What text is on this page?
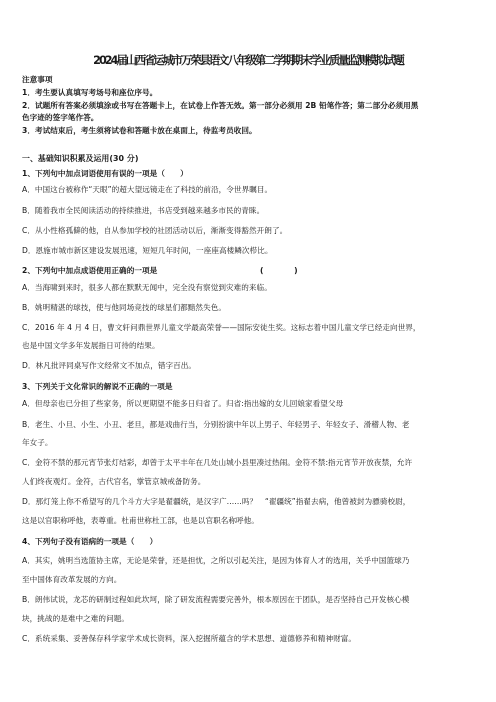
2024届山西省运城市万荣县语文八年级第二学期期末学业质量监测模拟试题
注意事项
1．考生要认真填写考场号和座位序号。
2．试题所有答案必须填涂或书写在答题卡上，在试卷上作答无效。第一部分必须用 2B 铅笔作答；第二部分必须用黑
色字迹的签字笔作答。
3．考试结束后，考生须将试卷和答题卡放在桌面上，待监考员收回。
一、基础知识积累及运用(30 分)
1、下列句中加点词语使用有误的一项是（　　）
A．中国这台被称作“天眼”的超大望远镜走在了科技的前沿，令世界瞩目。
B．随着我市全民阅读活动的持续推进，书店受到越来越多市民的青睐。
C．从小性格孤僻的他，自从参加学校的社团活动以后，渐渐变得豁然开朗了。
D．恩施市城市新区建设发展迅速，短短几年时间，一座座高楼鳞次栉比。
2、下列句中加点成语使用正确的一项是	(　　　　)
A．当海啸到来时，很多人都在默默无闻中，完全没有察觉到灾难的来临。
B．姚明精湛的球技，使与他同场竞技的球星们都黯然失色。
C．2016 年 4 月 4 日，曹文轩问鼎世界儿童文学最高荣誉——国际安徒生奖。这标志着中国儿童文学已经走向世界，
也是中国文学多年发展指日可待的结果。
D．林凡批评同桌写作文经常文不加点，错字百出。
3、下列关于文化常识的解说不正确的一项是
A．但母亲也已分担了些家务，所以更期望不能多日归省了。归省:指出嫁的女儿回娘家看望父母
B．老生、小旦、小生、小丑、老旦，都是戏曲行当，分别扮演中年以上男子、年轻男子、年轻女子、滑稽人物、老
年女子。
C．金符不禁的那元宵节张灯结彩，却曾于太平丰年在几处山城小县里凑过热闹。金符不禁:指元宵节开放夜禁，允许
人们终夜观灯。金符，古代官名，掌管京城戒备防务。
D．那灯笼上你不希望写的几个斗方大字是翟疆统，是汉字广……吗？　“翟疆统”指翟去病，他曾被封为骠骑校尉，
这是以官职称呼他，表尊重。杜甫世称杜工部，也是以官职名称呼他。
4、下列句子没有语病的一项是（　　）
A．其实，姚明当选篮协主席，无论是荣誉，还是担忧，之所以引起关注，是因为体育人才的选用，关乎中国篮球乃
至中国体育改革发展的方向。
B．朗伟试说，龙芯的研制过程如此坎坷，除了研发流程需要完善外，根本原因在于团队，是否坚持自己开发核心模
块，挑战的是难中之难的问题。
C．系统采集、妥善保存科学家学术成长资料，深入挖掘所蕴含的学术思想、道德修养和精神财富。
